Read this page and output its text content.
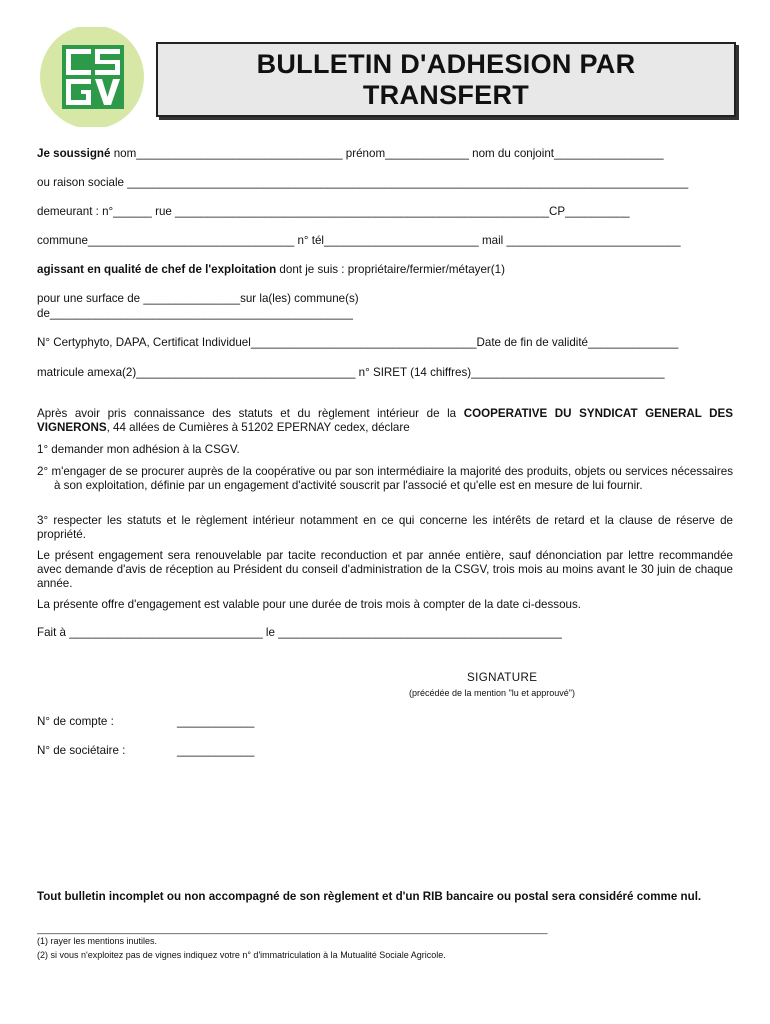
BULLETIN D'ADHESION PAR
TRANSFERT
Je soussigné nom________________________________ prénom_____________ nom du conjoint_________________
ou raison sociale _______________________________________________________________________________________
demeurant : n°______ rue __________________________________________________________CP__________
commune________________________________ n° tél________________________ mail ___________________________
agissant en qualité de chef de l'exploitation dont je suis : propriétaire/fermier/métayer(1)
pour une surface de _______________sur la(les) commune(s)
de_______________________________________________
N° Certyphyto, DAPA, Certificat Individuel___________________________________Date de fin de validité______________
matricule amexa(2)__________________________________ n° SIRET (14 chiffres)______________________________
Après avoir pris connaissance des statuts et du règlement intérieur de la COOPERATIVE DU SYNDICAT GENERAL DES VIGNERONS, 44 allées de Cumières à 51202 EPERNAY cedex, déclare
1° demander mon adhésion à la CSGV.
2° m'engager de se procurer auprès de la coopérative ou par son intermédiaire la majorité des produits, objets ou services nécessaires à son exploitation, définie par un engagement d'activité souscrit par l'associé et qu'elle est en mesure de lui fournir.
3° respecter les statuts et le règlement intérieur notamment en ce qui concerne les intérêts de retard et la clause de réserve de propriété.
Le présent engagement sera renouvelable par tacite reconduction et par année entière, sauf dénonciation par lettre recommandée avec demande d'avis de réception au Président du conseil d'administration de la CSGV, trois mois au moins avant le 30 juin de chaque année.
La présente offre d'engagement est valable pour une durée de trois mois à compter de la date ci-dessous.
Fait à ______________________________ le ____________________________________________
SIGNATURE
(précédée de la mention "lu et approuvé")
N° de compte :	____________
N° de sociétaire :	____________
Tout bulletin incomplet ou non accompagné de son règlement et d'un RIB bancaire ou postal sera considéré comme nul.
______________________________________________________________________________________________________
(1) rayer les mentions inutiles.
(2) si vous n'exploitez pas de vignes indiquez votre n° d'immatriculation à la Mutualité Sociale Agricole.
